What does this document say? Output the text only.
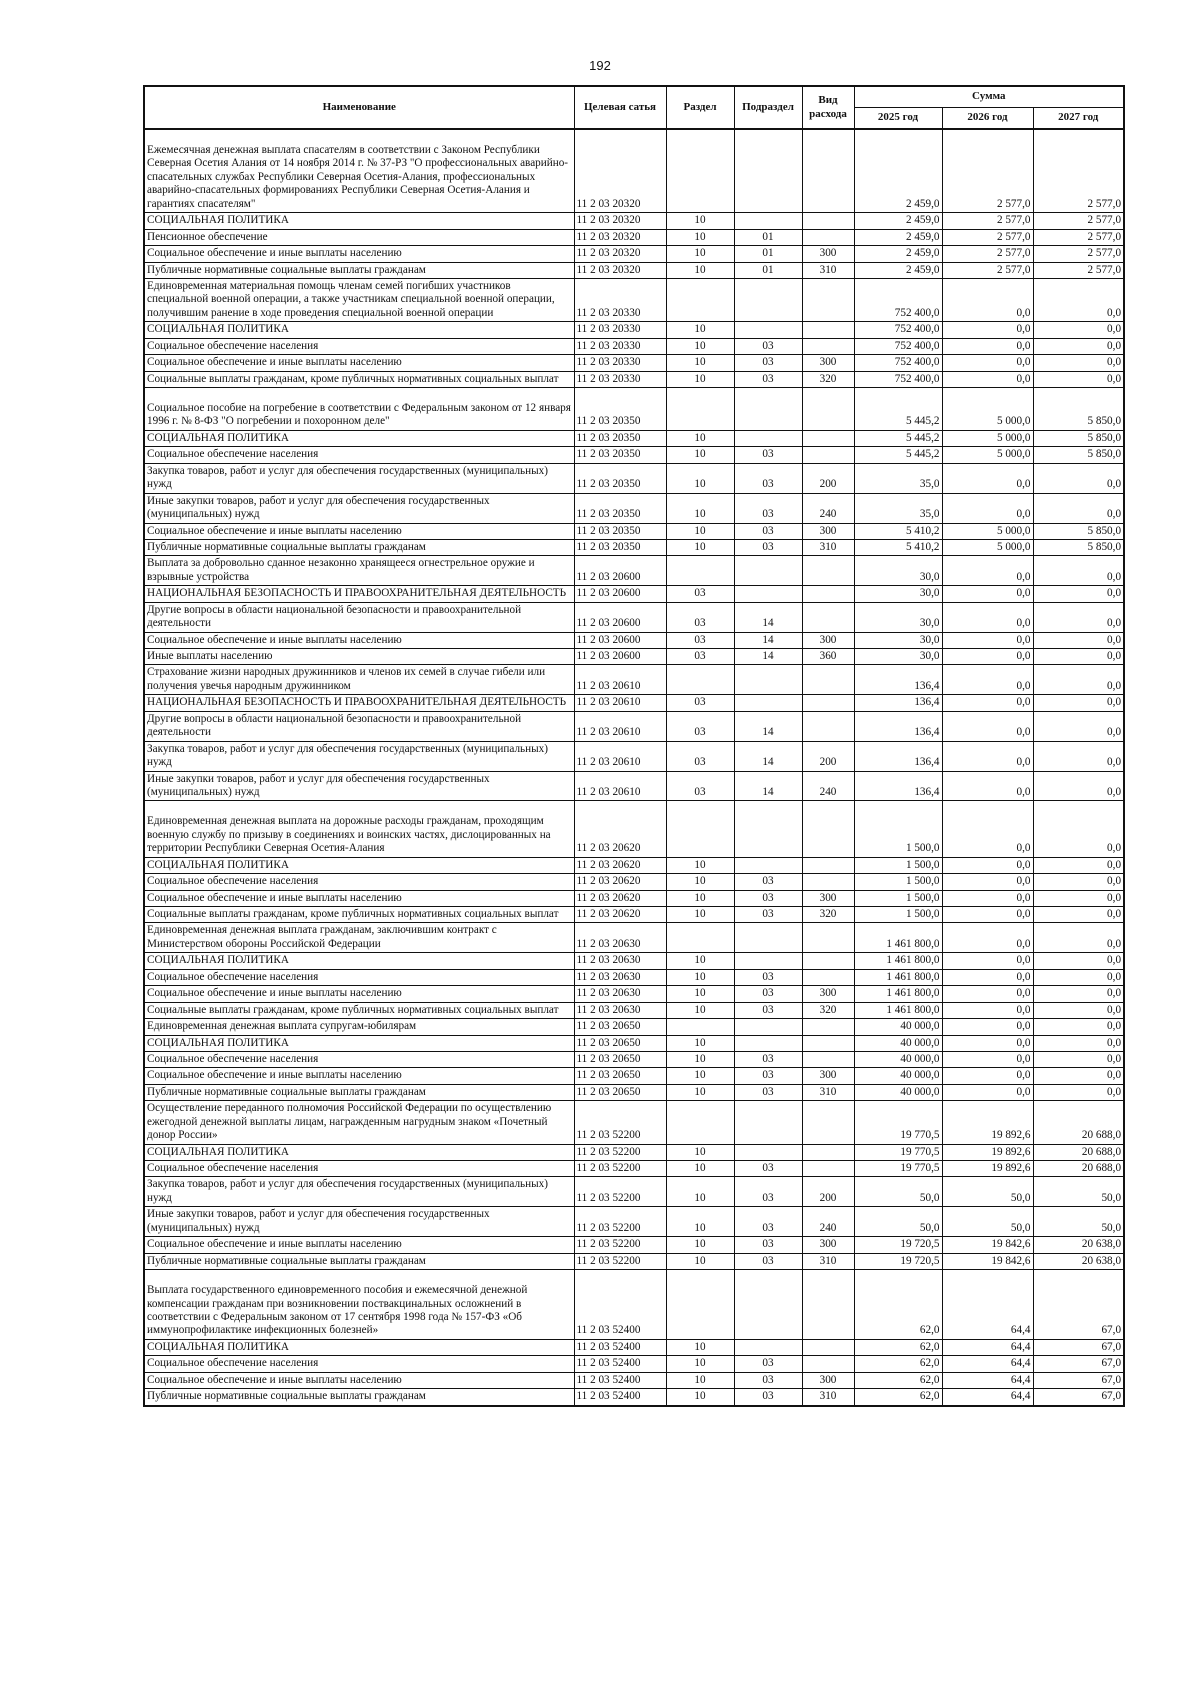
192
Наименование	Целевая сатья	Раздел	Подраздел	Вид расхода	Сумма		
					2025 год	2026 год	2027 год
Ежемесячная денежная выплата спасателям в соответствии с Законом Республики Северная Осетия Алания от 14 ноября 2014 г. № 37-РЗ "О профессиональных аварийно-спасательных службах Республики Северная Осетия-Алания, профессиональных аварийно-спасательных формированиях Республики Северная Осетия-Алания и гарантиях спасателям"	11 2 03 20320				2 459,0	2 577,0	2 577,0
СОЦИАЛЬНАЯ ПОЛИТИКА	11 2 03 20320	10			2 459,0	2 577,0	2 577,0
Пенсионное обеспечение	11 2 03 20320	10	01		2 459,0	2 577,0	2 577,0
Социальное обеспечение и иные выплаты населению	11 2 03 20320	10	01	300	2 459,0	2 577,0	2 577,0
Публичные нормативные социальные выплаты гражданам	11 2 03 20320	10	01	310	2 459,0	2 577,0	2 577,0
Единовременная материальная помощь членам семей погибших участников специальной военной операции, а также участникам специальной военной операции, получившим ранение в ходе проведения специальной военной операции	11 2 03 20330				752 400,0	0,0	0,0
СОЦИАЛЬНАЯ ПОЛИТИКА	11 2 03 20330	10			752 400,0	0,0	0,0
Социальное обеспечение населения	11 2 03 20330	10	03		752 400,0	0,0	0,0
Социальное обеспечение и иные выплаты населению	11 2 03 20330	10	03	300	752 400,0	0,0	0,0
Социальные выплаты гражданам, кроме публичных нормативных социальных выплат	11 2 03 20330	10	03	320	752 400,0	0,0	0,0
Социальное пособие на погребение в соответствии с Федеральным законом от 12 января 1996 г. № 8-ФЗ "О погребении и похоронном деле"	11 2 03 20350				5 445,2	5 000,0	5 850,0
СОЦИАЛЬНАЯ ПОЛИТИКА	11 2 03 20350	10			5 445,2	5 000,0	5 850,0
Социальное обеспечение населения	11 2 03 20350	10	03		5 445,2	5 000,0	5 850,0
Закупка товаров, работ и услуг для обеспечения государственных (муниципальных) нужд	11 2 03 20350	10	03	200	35,0	0,0	0,0
Иные закупки товаров, работ и услуг для обеспечения государственных (муниципальных) нужд	11 2 03 20350	10	03	240	35,0	0,0	0,0
Социальное обеспечение и иные выплаты населению	11 2 03 20350	10	03	300	5 410,2	5 000,0	5 850,0
Публичные нормативные социальные выплаты гражданам	11 2 03 20350	10	03	310	5 410,2	5 000,0	5 850,0
Выплата за добровольно сданное незаконно хранящееся огнестрельное оружие и взрывные устройства	11 2 03 20600				30,0	0,0	0,0
НАЦИОНАЛЬНАЯ БЕЗОПАСНОСТЬ И ПРАВООХРАНИТЕЛЬНАЯ ДЕЯТЕЛЬНОСТЬ	11 2 03 20600	03			30,0	0,0	0,0
Другие вопросы в области национальной безопасности и правоохранительной деятельности	11 2 03 20600	03	14		30,0	0,0	0,0
Социальное обеспечение и иные выплаты населению	11 2 03 20600	03	14	300	30,0	0,0	0,0
Иные выплаты населению	11 2 03 20600	03	14	360	30,0	0,0	0,0
Страхование жизни народных дружинников и членов их семей в случае гибели или получения увечья народным дружинником	11 2 03 20610				136,4	0,0	0,0
НАЦИОНАЛЬНАЯ БЕЗОПАСНОСТЬ И ПРАВООХРАНИТЕЛЬНАЯ ДЕЯТЕЛЬНОСТЬ	11 2 03 20610	03			136,4	0,0	0,0
Другие вопросы в области национальной безопасности и правоохранительной деятельности	11 2 03 20610	03	14		136,4	0,0	0,0
Закупка товаров, работ и услуг для обеспечения государственных (муниципальных) нужд	11 2 03 20610	03	14	200	136,4	0,0	0,0
Иные закупки товаров, работ и услуг для обеспечения государственных (муниципальных) нужд	11 2 03 20610	03	14	240	136,4	0,0	0,0
Единовременная денежная выплата на дорожные расходы гражданам, проходящим военную службу по призыву в соединениях и воинских частях, дислоцированных на территории Республики Северная Осетия-Алания	11 2 03 20620				1 500,0	0,0	0,0
СОЦИАЛЬНАЯ ПОЛИТИКА	11 2 03 20620	10			1 500,0	0,0	0,0
Социальное обеспечение населения	11 2 03 20620	10	03		1 500,0	0,0	0,0
Социальное обеспечение и иные выплаты населению	11 2 03 20620	10	03	300	1 500,0	0,0	0,0
Социальные выплаты гражданам, кроме публичных нормативных социальных выплат	11 2 03 20620	10	03	320	1 500,0	0,0	0,0
Единовременная денежная выплата гражданам, заключившим контракт с Министерством обороны Российской Федерации	11 2 03 20630				1 461 800,0	0,0	0,0
СОЦИАЛЬНАЯ ПОЛИТИКА	11 2 03 20630	10			1 461 800,0	0,0	0,0
Социальное обеспечение населения	11 2 03 20630	10	03		1 461 800,0	0,0	0,0
Социальное обеспечение и иные выплаты населению	11 2 03 20630	10	03	300	1 461 800,0	0,0	0,0
Социальные выплаты гражданам, кроме публичных нормативных социальных выплат	11 2 03 20630	10	03	320	1 461 800,0	0,0	0,0
Единовременная денежная выплата супругам-юбилярам	11 2 03 20650				40 000,0	0,0	0,0
СОЦИАЛЬНАЯ ПОЛИТИКА	11 2 03 20650	10			40 000,0	0,0	0,0
Социальное обеспечение населения	11 2 03 20650	10	03		40 000,0	0,0	0,0
Социальное обеспечение и иные выплаты населению	11 2 03 20650	10	03	300	40 000,0	0,0	0,0
Публичные нормативные социальные выплаты гражданам	11 2 03 20650	10	03	310	40 000,0	0,0	0,0
Осуществление переданного полномочия Российской Федерации по осуществлению ежегодной денежной выплаты лицам, награжденным нагрудным знаком «Почетный донор России»	11 2 03 52200				19 770,5	19 892,6	20 688,0
СОЦИАЛЬНАЯ ПОЛИТИКА	11 2 03 52200	10			19 770,5	19 892,6	20 688,0
Социальное обеспечение населения	11 2 03 52200	10	03		19 770,5	19 892,6	20 688,0
Закупка товаров, работ и услуг для обеспечения государственных (муниципальных) нужд	11 2 03 52200	10	03	200	50,0	50,0	50,0
Иные закупки товаров, работ и услуг для обеспечения государственных (муниципальных) нужд	11 2 03 52200	10	03	240	50,0	50,0	50,0
Социальное обеспечение и иные выплаты населению	11 2 03 52200	10	03	300	19 720,5	19 842,6	20 638,0
Публичные нормативные социальные выплаты гражданам	11 2 03 52200	10	03	310	19 720,5	19 842,6	20 638,0
Выплата государственного единовременного пособия и ежемесячной денежной компенсации гражданам при возникновении поствакцинальных осложнений в соответствии с Федеральным законом от 17 сентября 1998 года № 157-ФЗ «Об иммунопрофилактике инфекционных болезней»	11 2 03 52400				62,0	64,4	67,0
СОЦИАЛЬНАЯ ПОЛИТИКА	11 2 03 52400	10			62,0	64,4	67,0
Социальное обеспечение населения	11 2 03 52400	10	03		62,0	64,4	67,0
Социальное обеспечение и иные выплаты населению	11 2 03 52400	10	03	300	62,0	64,4	67,0
Публичные нормативные социальные выплаты гражданам	11 2 03 52400	10	03	310	62,0	64,4	67,0
